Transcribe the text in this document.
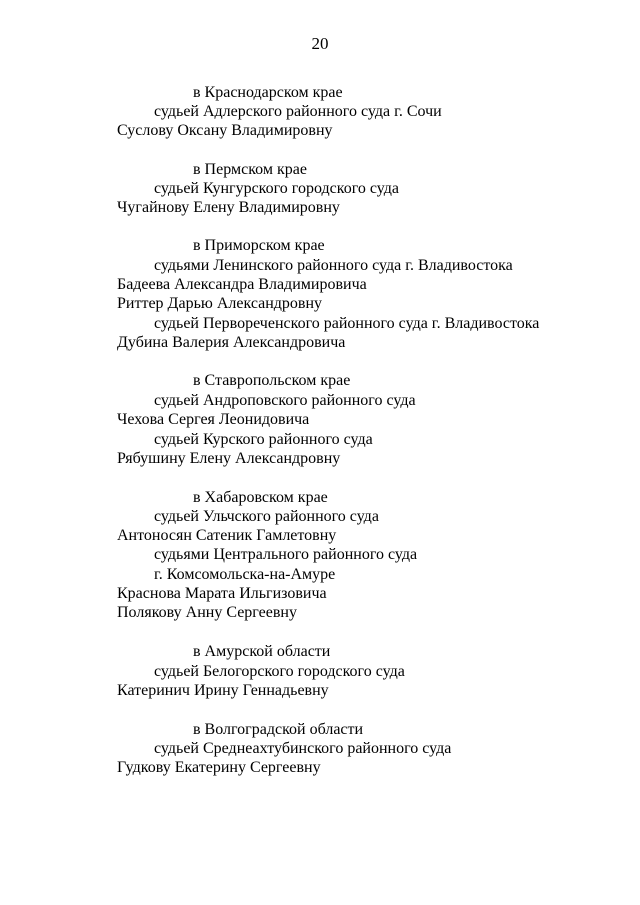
20
в Краснодарском крае
судьей Адлерского районного суда г. Сочи
Суслову Оксану Владимировну
в Пермском крае
судьей Кунгурского городского суда
Чугайнову Елену Владимировну
в Приморском крае
судьями Ленинского районного суда г. Владивостока
Бадеева Александра Владимировича
Риттер Дарью Александровну
судьей Первореченского районного суда г. Владивостока
Дубина Валерия Александровича
в Ставропольском крае
судьей Андроповского районного суда
Чехова Сергея Леонидовича
судьей Курского районного суда
Рябушину Елену Александровну
в Хабаровском крае
судьей Ульчского районного суда
Антоносян Сатеник Гамлетовну
судьями Центрального районного суда
г. Комсомольска-на-Амуре
Краснова Марата Ильгизовича
Полякову Анну Сергеевну
в Амурской области
судьей Белогорского городского суда
Катеринич Ирину Геннадьевну
в Волгоградской области
судьей Среднеахтубинского районного суда
Гудкову Екатерину Сергеевну
